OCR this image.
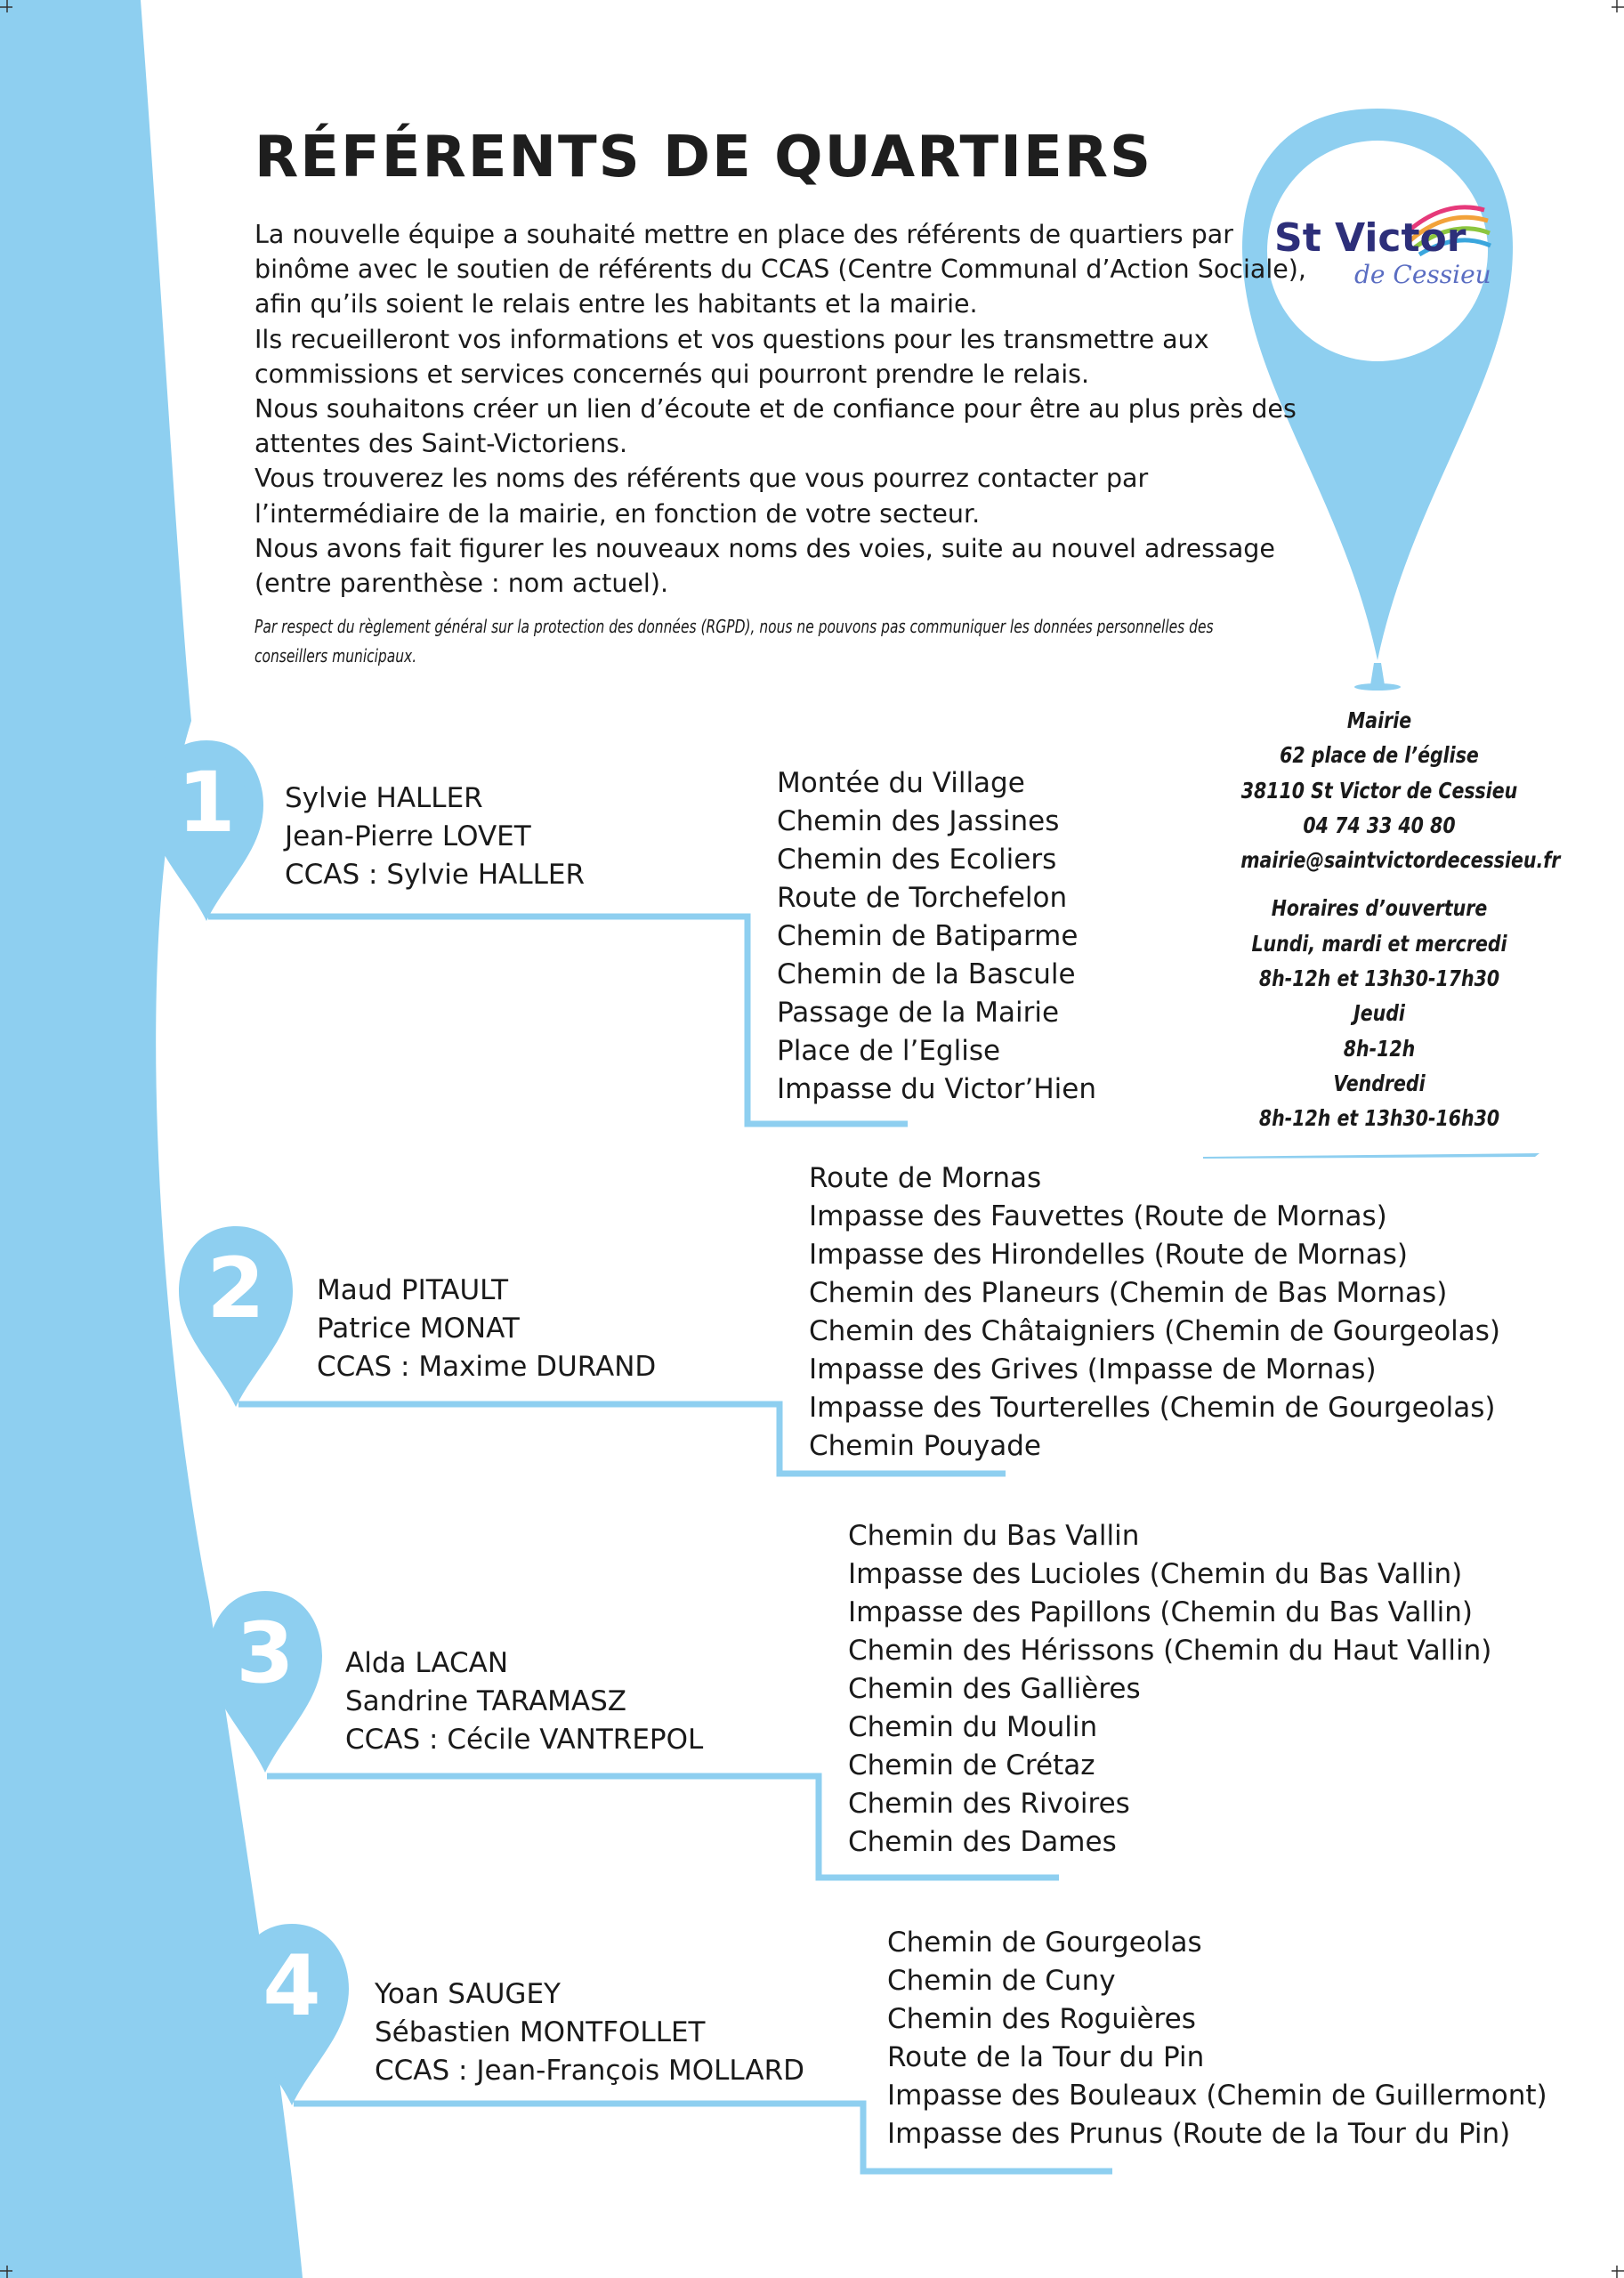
RÉFÉRENTS DE QUARTIERS

La nouvelle équipe a souhaité mettre en place des référents de quartiers par binôme avec le soutien de référents du CCAS (Centre Communal d’Action Sociale), afin qu’ils soient le relais entre les habitants et la mairie.

Ils recueilleront vos informations et vos questions pour les transmettre aux commissions et services concernés qui pourront prendre le relais.

Nous souhaitons créer un lien d’écoute et de confiance pour être au plus près des attentes des Saint-Victoriens.

Vous trouverez les noms des référents que vous pourrez contacter par l’intermédiaire de la mairie, en fonction de votre secteur.

Nous avons fait figurer les nouveaux noms des voies, suite au nouvel adressage (entre parenthèse : nom actuel).

Par respect du règlement général sur la protection des données (RGPD), nous ne pouvons pas communiquer les données personnelles des conseillers municipaux.
St Victor
de Cessieu
Mairie
62 place de l’église
38110 St Victor de Cessieu
04 74 33 40 80
mairie@saintvictordecessieu.fr
Horaires d’ouverture
Lundi, mardi et mercredi
8h-12h et 13h30-17h30
Jeudi
8h-12h
Vendredi
8h-12h et 13h30-16h30
1	Sylvie HALLER
Jean-Pierre LOVET
CCAS : Sylvie HALLER
Montée du Village
Chemin des Jassines
Chemin des Ecoliers
Route de Torchefelon
Chemin de Batiparme
Chemin de la Bascule
Passage de la Mairie
Place de l’Eglise
Impasse du Victor’Hien
2	Maud PITAULT
Patrice MONAT
CCAS : Maxime DURAND
Route de Mornas
Impasse des Fauvettes (Route de Mornas)
Impasse des Hirondelles (Route de Mornas)
Chemin des Planeurs (Chemin de Bas Mornas)
Chemin des Châtaigniers (Chemin de Gourgeolas)
Impasse des Grives (Impasse de Mornas)
Impasse des Tourterelles (Chemin de Gourgeolas)
Chemin Pouyade
3	Alda LACAN
Sandrine TARAMASZ
CCAS : Cécile VANTREPOL
Chemin du Bas Vallin
Impasse des Lucioles (Chemin du Bas Vallin)
Impasse des Papillons (Chemin du Bas Vallin)
Chemin des Hérissons (Chemin du Haut Vallin)
Chemin des Gallières
Chemin du Moulin
Chemin de Crétaz
Chemin des Rivoires
Chemin des Dames
4	Yoan SAUGEY
Sébastien MONTFOLLET
CCAS : Jean-François MOLLARD
Chemin de Gourgeolas
Chemin de Cuny
Chemin des Roguières
Route de la Tour du Pin
Impasse des Bouleaux (Chemin de Guillermont)
Impasse des Prunus (Route de la Tour du Pin)
